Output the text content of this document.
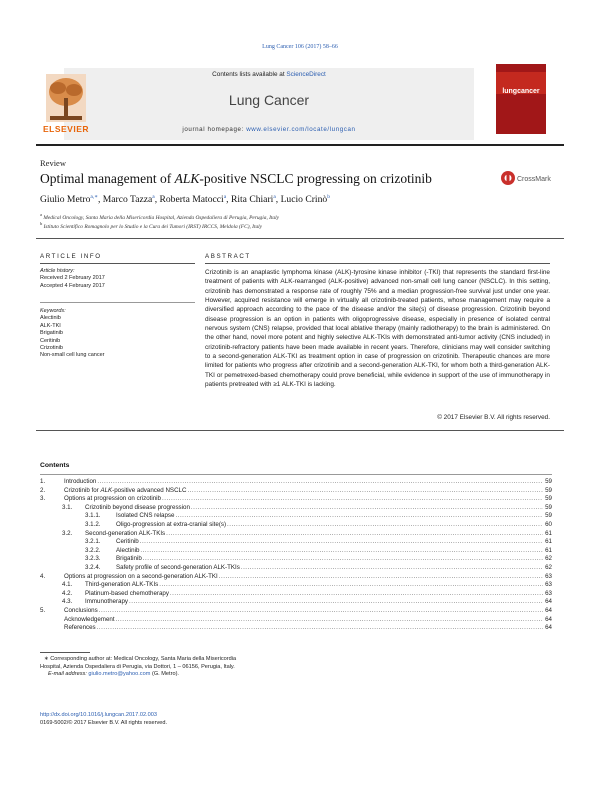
Lung Cancer 106 (2017) 58–66
Contents lists available at ScienceDirect
Lung Cancer
journal homepage: www.elsevier.com/locate/lungcan
ELSEVIER
lungcancer
Review
Optimal management of ALK-positive NSCLC progressing on crizotinib	CrossMark
Giulio Metro$^{a,∗}$, Marco Tazza$^a$, Roberta Matocci$^a$, Rita Chiari$^a$, Lucio Crinò$^b$
$^a$ Medical Oncology, Santa Maria della Misericordia Hospital, Azienda Ospedaliera di Perugia, Perugia, Italy
$^b$ Istituto Scientifico Romagnolo per lo Studio e la Cura dei Tumori (IRST) IRCCS, Meldola (FC), Italy
ARTICLE INFO	ABSTRACT
Article history:
Received 2 February 2017
Accepted 4 February 2017
Keywords:
Alectinib
ALK-TKI
Brigatinib
Ceritinib
Crizotinib
Non-small cell lung cancer
Crizotinib is an anaplastic lymphoma kinase (ALK)-tyrosine kinase inhibitor (-TKI) that represents the standard first-line treatment of patients with ALK-rearranged (ALK-positive) advanced non-small cell lung cancer (NSCLC). In this setting, crizotinib has demonstrated a response rate of roughly 75% and a median progression-free survival just under one year. However, acquired resistance will emerge in virtually all crizotinib-treated patients, whose management may require a diversified approach according to the pace of the disease and/or the site(s) of disease progression. Crizotinib beyond disease progression is an option in patients with oligoprogressive disease, especially in presence of isolated central nervous system (CNS) relapse, provided that local ablative therapy (mainly radiotherapy) to the brain is administered. On the other hand, novel more potent and highly selective ALK-TKIs with demonstrated anti-tumor activity (CNS included) in crizotinib-refractory patients have been made available in recent years. Therefore, clinicians may well consider switching to a second-generation ALK-TKI as treatment option in case of progression on crizotinib. Therapeutic chances are more limited for patients who progress after crizotinib and a second-generation ALK-TKI, for whom both a third-generation ALK-TKI or pemetrexed-based chemotherapy could prove beneficial, while evidence in support of the use of immunotherapy in patients pretreated with ≥1 ALK-TKI is lacking.
© 2017 Elsevier B.V. All rights reserved.
Contents
1.	Introduction . . .	59
2.	Crizotinib for ALK-positive advanced NSCLC . . .	59
3.	Options at progression on crizotinib . . .	59
3.1.	Crizotinib beyond disease progression . . .	59
3.1.1.	Isolated CNS relapse . . .	59
3.1.2.	Oligo-progression at extra-cranial site(s) . . .	60
3.2.	Second-generation ALK-TKIs . . .	61
3.2.1.	Ceritinib . . .	61
3.2.2.	Alectinib . . .	61
3.2.3.	Brigatinib . . .	62
3.2.4.	Safety profile of second-generation ALK-TKIs . . .	62
4.	Options at progression on a second-generation ALK-TKI . . .	63
4.1.	Third-generation ALK-TKIs . . .	63
4.2.	Platinum-based chemotherapy . . .	63
4.3.	Immunotherapy . . .	64
5.	Conclusions . . .	64
Acknowledgement . . .	64
References . . .	64
∗ Corresponding author at: Medical Oncology, Santa Maria della Misericordia
Hospital, Azienda Ospedaliera di Perugia, via Dottori, 1 – 06156, Perugia, Italy.
E-mail address: giulio.metro@yahoo.com (G. Metro).
http://dx.doi.org/10.1016/j.lungcan.2017.02.003
0169-5002/© 2017 Elsevier B.V. All rights reserved.
